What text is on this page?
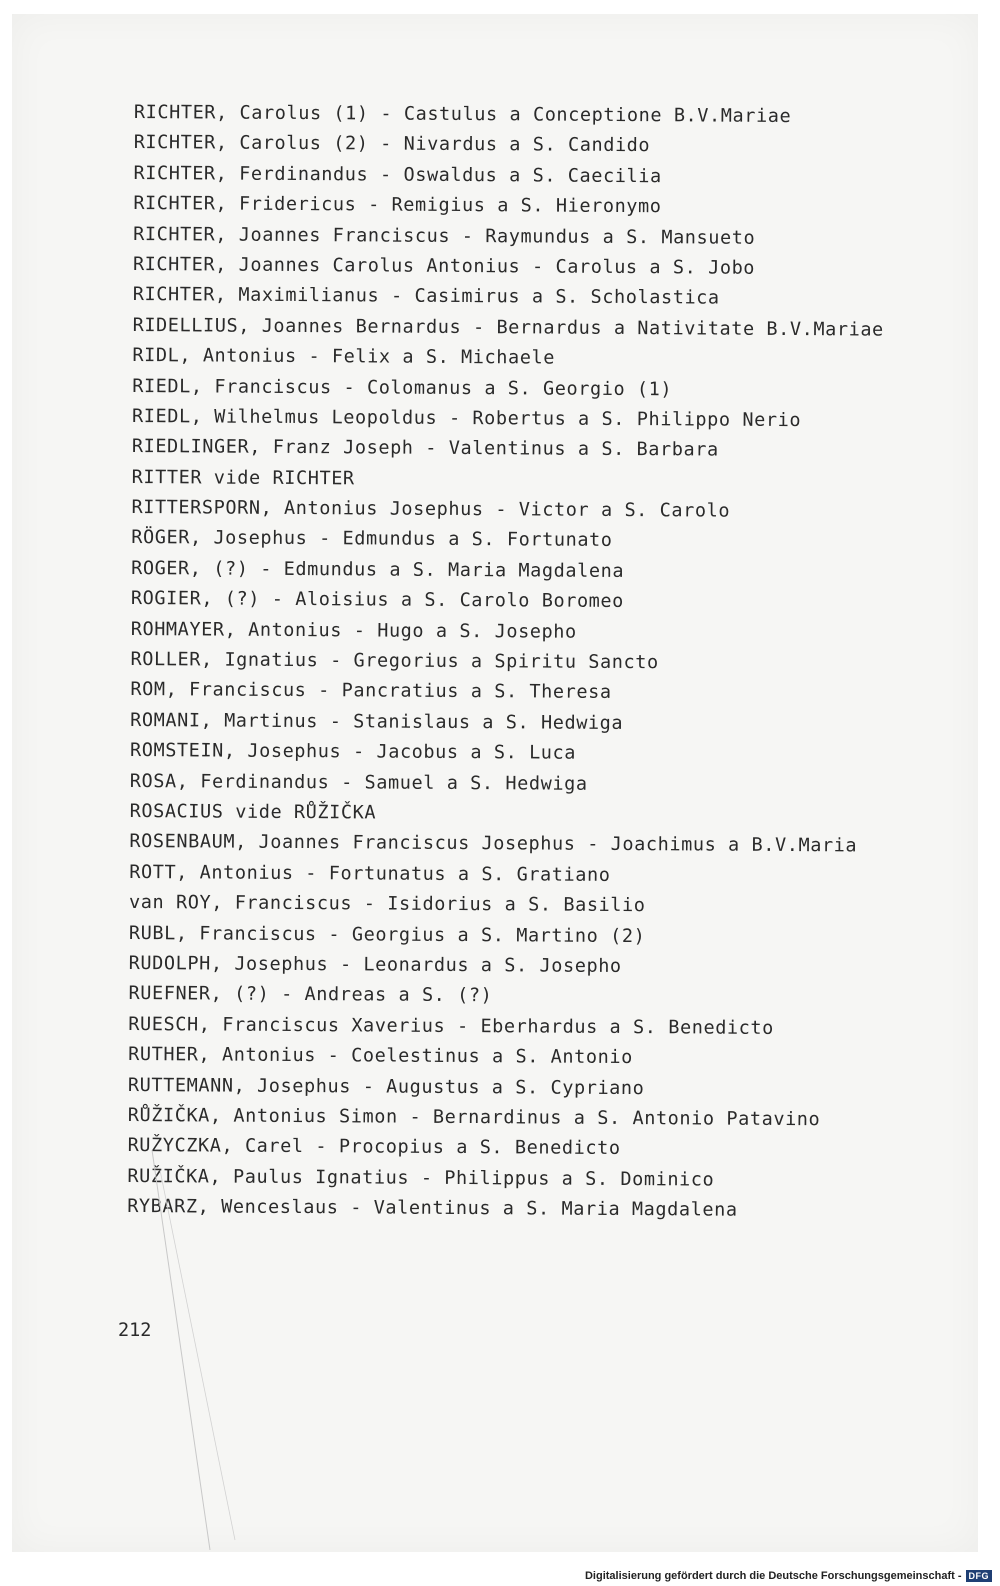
RICHTER, Carolus (1) - Castulus a Conceptione B.V.Mariae
RICHTER, Carolus (2) - Nivardus a S. Candido
RICHTER, Ferdinandus - Oswaldus a S. Caecilia
RICHTER, Fridericus - Remigius a S. Hieronymo
RICHTER, Joannes Franciscus - Raymundus a S. Mansueto
RICHTER, Joannes Carolus Antonius - Carolus a S. Jobo
RICHTER, Maximilianus - Casimirus a S. Scholastica
RIDELLIUS, Joannes Bernardus - Bernardus a Nativitate B.V.Mariae
RIDL, Antonius - Felix a S. Michaele
RIEDL, Franciscus - Colomanus a S. Georgio (1)
RIEDL, Wilhelmus Leopoldus - Robertus a S. Philippo Nerio
RIEDLINGER, Franz Joseph - Valentinus a S. Barbara
RITTER vide RICHTER
RITTERSPORN, Antonius Josephus - Victor a S. Carolo
RÖGER, Josephus - Edmundus a S. Fortunato
ROGER, (?) - Edmundus a S. Maria Magdalena
ROGIER, (?) - Aloisius a S. Carolo Boromeo
ROHMAYER, Antonius - Hugo a S. Josepho
ROLLER, Ignatius - Gregorius a Spiritu Sancto
ROM, Franciscus - Pancratius a S. Theresa
ROMANI, Martinus - Stanislaus a S. Hedwiga
ROMSTEIN, Josephus - Jacobus a S. Luca
ROSA, Ferdinandus - Samuel a S. Hedwiga
ROSACIUS vide RŮŽIČKA
ROSENBAUM, Joannes Franciscus Josephus - Joachimus a B.V.Maria
ROTT, Antonius - Fortunatus a S. Gratiano
van ROY, Franciscus - Isidorius a S. Basilio
RUBL, Franciscus - Georgius a S. Martino (2)
RUDOLPH, Josephus - Leonardus a S. Josepho
RUEFNER, (?) - Andreas a S. (?)
RUESCH, Franciscus Xaverius - Eberhardus a S. Benedicto
RUTHER, Antonius - Coelestinus a S. Antonio
RUTTEMANN, Josephus - Augustus a S. Cypriano
RŮŽIČKA, Antonius Simon - Bernardinus a S. Antonio Patavino
RUŽYCZKA, Carel - Procopius a S. Benedicto
RUŽIČKA, Paulus Ignatius - Philippus a S. Dominico
RYBARZ, Wenceslaus - Valentinus a S. Maria Magdalena
212
Digitalisierung gefördert durch die Deutsche Forschungsgemeinschaft - DFG
